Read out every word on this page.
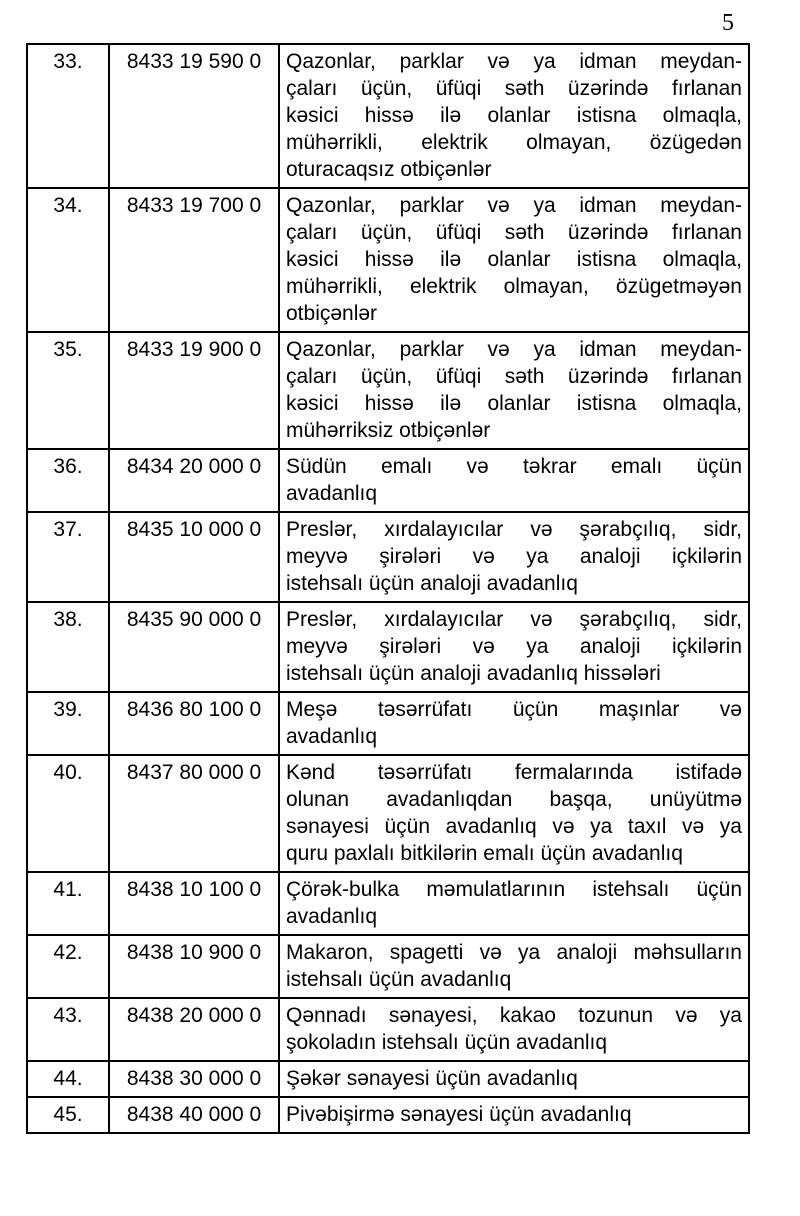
5
33.	8433 19 590 0	Qazonlar, parklar və ya idman meydan-
çaları üçün, üfüqi səth üzərində fırlanan
kəsici hissə ilə olanlar istisna olmaqla,
mühərrikli, elektrik olmayan, özügedən
oturacaqsız otbiçənlər

34.	8433 19 700 0	Qazonlar, parklar və ya idman meydan-
çaları üçün, üfüqi səth üzərində fırlanan
kəsici hissə ilə olanlar istisna olmaqla,
mühərrikli, elektrik olmayan, özügetməyən
otbiçənlər

35.	8433 19 900 0	Qazonlar, parklar və ya idman meydan-
çaları üçün, üfüqi səth üzərində fırlanan
kəsici hissə ilə olanlar istisna olmaqla,
mühərriksiz otbiçənlər

36.	8434 20 000 0	Südün emalı və təkrar emalı üçün
avadanlıq

37.	8435 10 000 0	Preslər, xırdalayıcılar və şərabçılıq, sidr,
meyvə şirələri və ya analoji içkilərin
istehsalı üçün analoji avadanlıq

38.	8435 90 000 0	Preslər, xırdalayıcılar və şərabçılıq, sidr,
meyvə şirələri və ya analoji içkilərin
istehsalı üçün analoji avadanlıq hissələri

39.	8436 80 100 0	Meşə təsərrüfatı üçün maşınlar və
avadanlıq

40.	8437 80 000 0	Kənd təsərrüfatı fermalarında istifadə
olunan avadanlıqdan başqa, unüyütmə
sənayesi üçün avadanlıq və ya taxıl və ya
quru paxlalı bitkilərin emalı üçün avadanlıq

41.	8438 10 100 0	Çörək-bulka məmulatlarının istehsalı üçün
avadanlıq

42.	8438 10 900 0	Makaron, spagetti və ya analoji məhsulların
istehsalı üçün avadanlıq

43.	8438 20 000 0	Qənnadı sənayesi, kakao tozunun və ya
şokoladın istehsalı üçün avadanlıq

44.	8438 30 000 0	Şəkər sənayesi üçün avadanlıq

45.	8438 40 000 0	Pivəbişirmə sənayesi üçün avadanlıq
